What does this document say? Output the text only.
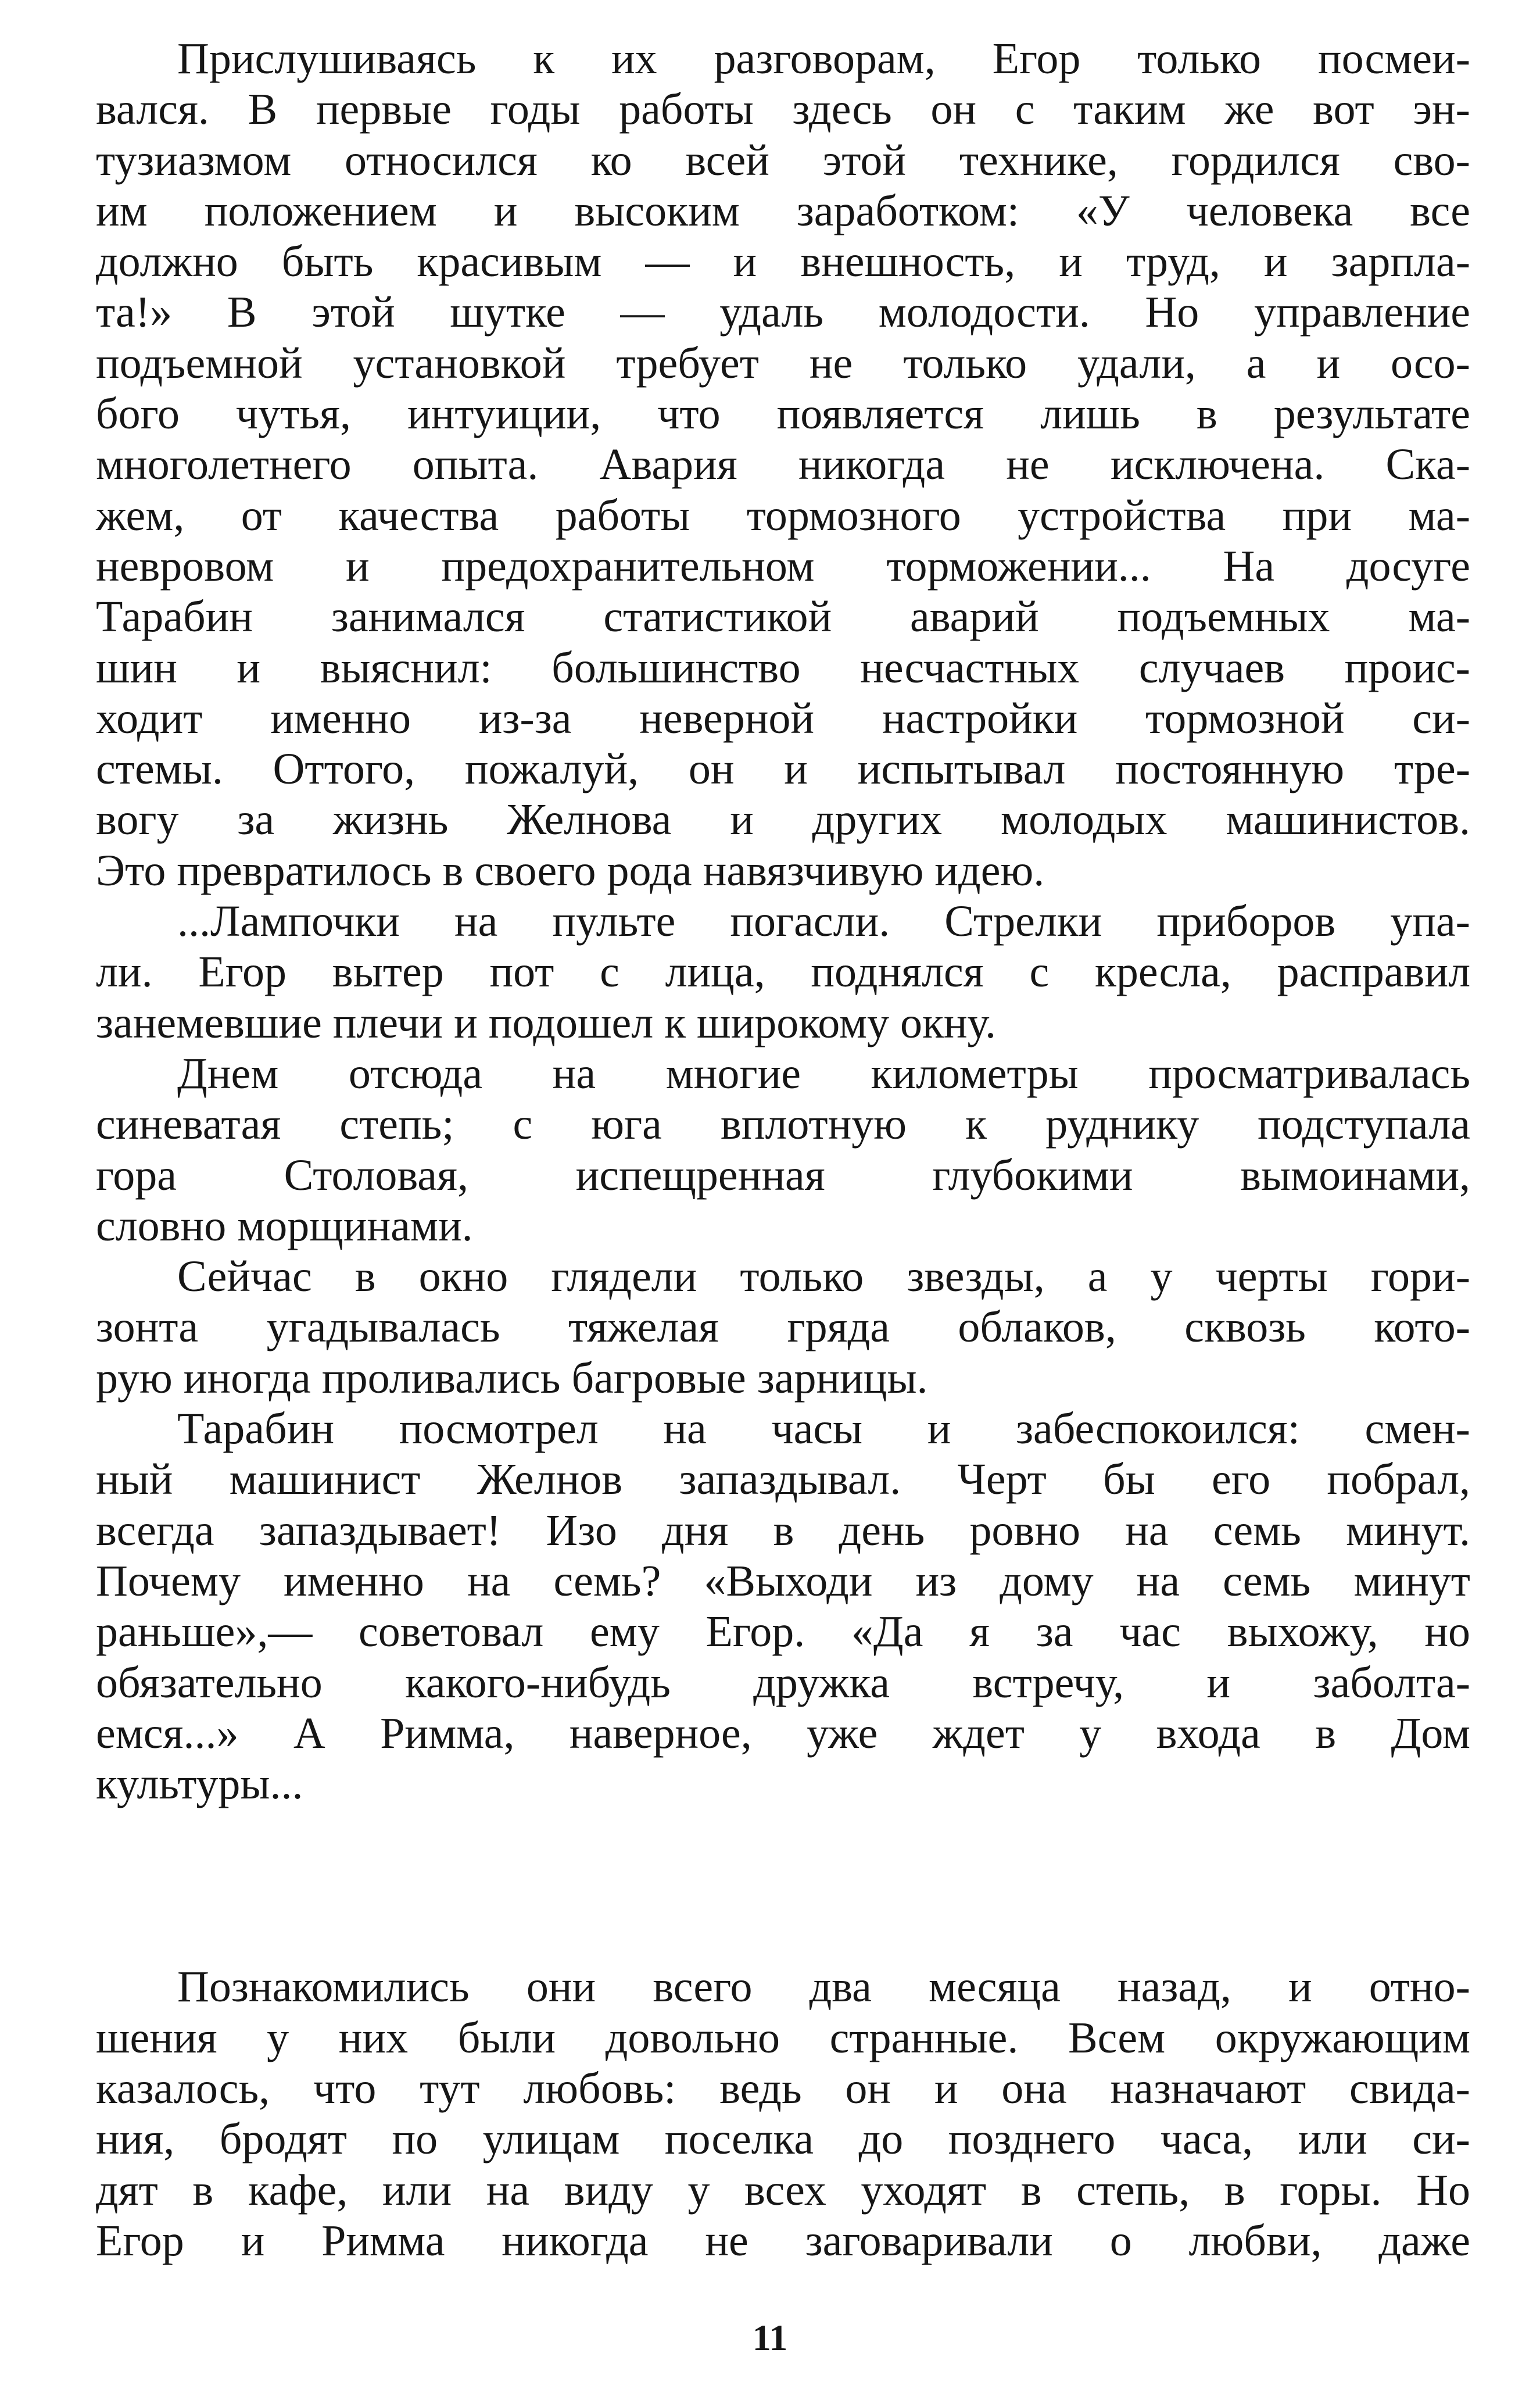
Прислушиваясь к их разговорам, Егор только посмеи-
вался. В первые годы работы здесь он с таким же вот эн-
тузиазмом относился ко всей этой технике, гордился сво-
им положением и высоким заработком: «У человека все
должно быть красивым — и внешность, и труд, и зарпла-
та!» В этой шутке — удаль молодости. Но управление
подъемной установкой требует не только удали, а и осо-
бого чутья, интуиции, что появляется лишь в результате
многолетнего опыта. Авария никогда не исключена. Ска-
жем, от качества работы тормозного устройства при ма-
невровом и предохранительном торможении... На досуге
Тарабин занимался статистикой аварий подъемных ма-
шин и выяснил: большинство несчастных случаев проис-
ходит именно из-за неверной настройки тормозной си-
стемы. Оттого, пожалуй, он и испытывал постоянную тре-
вогу за жизнь Желнова и других молодых машинистов.
Это превратилось в своего рода навязчивую идею.
...Лампочки на пульте погасли. Стрелки приборов упа-
ли. Егор вытер пот с лица, поднялся с кресла, расправил
занемевшие плечи и подошел к широкому окну.
Днем отсюда на многие километры просматривалась
синеватая степь; с юга вплотную к руднику подступала
гора Столовая, испещренная глубокими вымоинами,
словно морщинами.
Сейчас в окно глядели только звезды, а у черты гори-
зонта угадывалась тяжелая гряда облаков, сквозь кото-
рую иногда проливались багровые зарницы.
Тарабин посмотрел на часы и забеспокоился: смен-
ный машинист Желнов запаздывал. Черт бы его побрал,
всегда запаздывает! Изо дня в день ровно на семь минут.
Почему именно на семь? «Выходи из дому на семь минут
раньше»,— советовал ему Егор. «Да я за час выхожу, но
обязательно какого-нибудь дружка встречу, и заболта-
емся...» А Римма, наверное, уже ждет у входа в Дом
культуры...
Познакомились они всего два месяца назад, и отно-
шения у них были довольно странные. Всем окружающим
казалось, что тут любовь: ведь он и она назначают свида-
ния, бродят по улицам поселка до позднего часа, или си-
дят в кафе, или на виду у всех уходят в степь, в горы. Но
Егор и Римма никогда не заговаривали о любви, даже
11
